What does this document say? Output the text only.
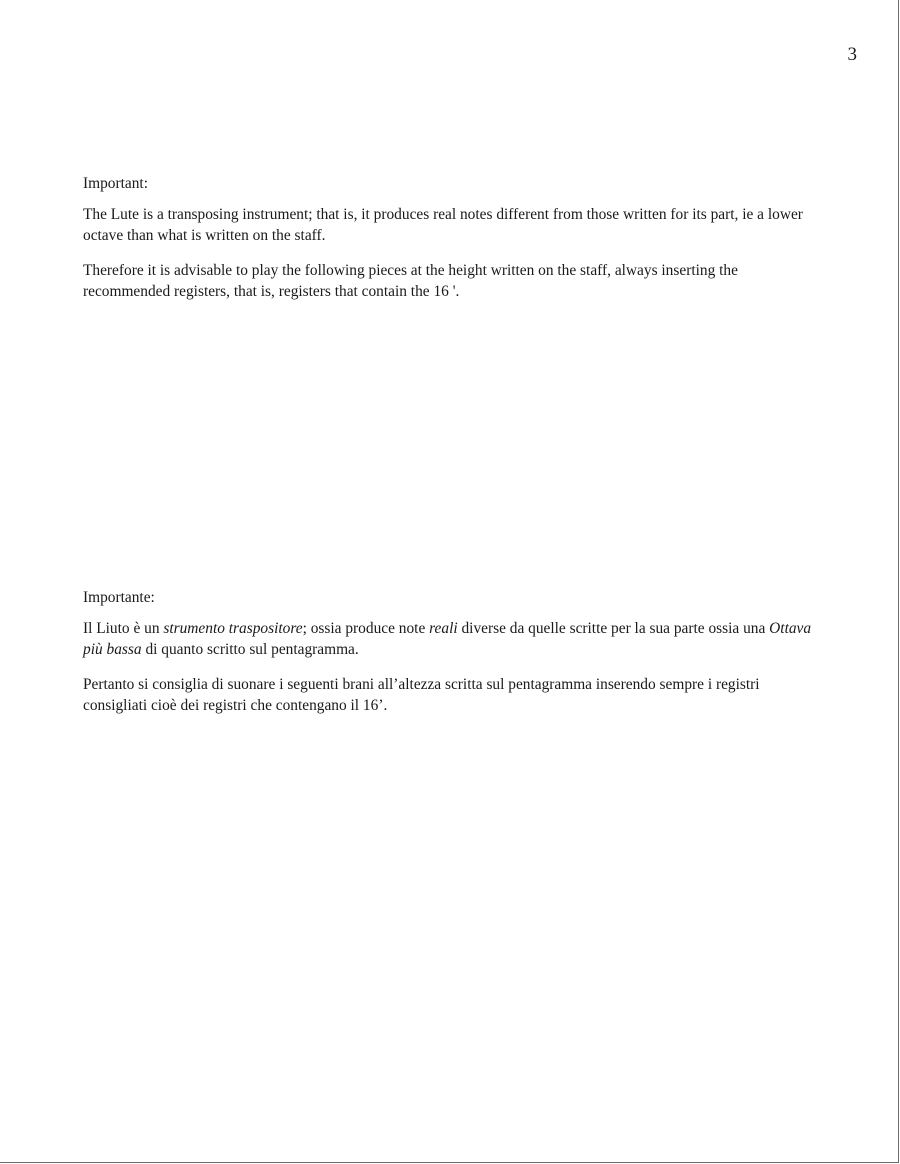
3

Important:

The Lute is a transposing instrument; that is, it produces real notes different from those written for its part, ie a lower octave than what is written on the staff.

Therefore it is advisable to play the following pieces at the height written on the staff, always inserting the recommended registers, that is, registers that contain the 16 '.

Importante:

Il Liuto è un strumento traspositore; ossia produce note reali diverse da quelle scritte per la sua parte ossia una Ottava più bassa di quanto scritto sul pentagramma.

Pertanto si consiglia di suonare i seguenti brani all’altezza scritta sul pentagramma inserendo sempre i registri consigliati cioè dei registri che contengano il 16’.
